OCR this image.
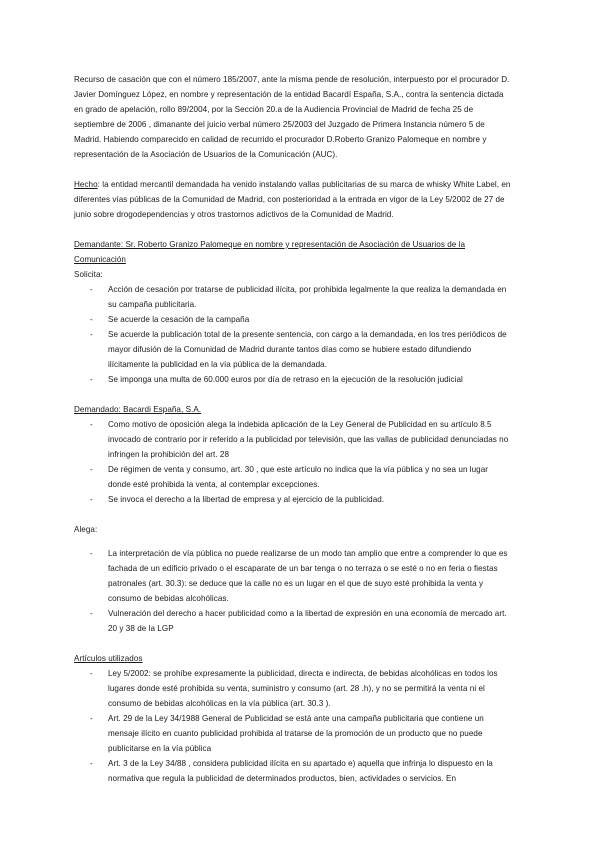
Recurso de casación que con el número 185/2007, ante la misma pende de resolución, interpuesto por el procurador D. Javier Domínguez López, en nombre y representación de la entidad Bacardí España, S.A., contra la sentencia dictada en grado de apelación, rollo 89/2004, por la Sección 20.a de la Audiencia Provincial de Madrid de fecha 25 de septiembre de 2006 , dimanante del juicio verbal número 25/2003 del Juzgado de Primera Instancia número 5 de Madrid. Habiendo comparecido en calidad de recurrido el procurador D.Roberto Granizo Palomeque en nombre y representación de la Asociación de Usuarios de la Comunicación (AUC).

Hecho: la entidad mercantil demandada ha venido instalando vallas publicitarias de su marca de whisky White Label, en diferentes vías públicas de la Comunidad de Madrid, con posterioridad a la entrada en vigor de la Ley 5/2002 de 27 de junio sobre drogodependencias y otros trastornos adictivos de la Comunidad de Madrid.

Demandante: Sr. Roberto Granizo Palomeque en nombre y representación de Asociación de Usuarios de la Comunicación

Solicita:

- Acción de cesación por tratarse de publicidad ilícita, por prohibida legalmente la que realiza la demandada en su campaña publicitaria.
- Se acuerde la cesación de la campaña
- Se acuerde la publicación total de la presente sentencia, con cargo a la demandada, en los tres periódicos de mayor difusión de la Comunidad de Madrid durante tantos días como se hubiere estado difundiendo ilícitamente la publicidad en la vía pública de la demandada.
- Se imponga una multa de 60.000 euros por día de retraso en la ejecución de la resolución judicial

Demandado: Bacardi España, S.A.

- Como motivo de oposición alega la indebida aplicación de la Ley General de Publicidad en su artículo 8.5 invocado de contrario por ir referido a la publicidad por televisión, que las vallas de publicidad denunciadas no infringen la prohibición del art. 28
- De régimen de venta y consumo, art. 30 , que este artículo no indica que la vía pública y no sea un lugar donde esté prohibida la venta, al contemplar excepciones.
- Se invoca el derecho a la libertad de empresa y al ejercicio de la publicidad.

Alega:

- La interpretación de vía pública no puede realizarse de un modo tan amplio que entre a comprender lo que es fachada de un edificio privado o el escaparate de un bar tenga o no terraza o se esté o no en feria o fiestas patronales (art. 30.3): se deduce que la calle no es un lugar en el que de suyo esté prohibida la venta y consumo de bebidas alcohólicas.
- Vulneración del derecho a hacer publicidad como a la libertad de expresión en una economía de mercado art. 20 y 38 de la LGP

Artículos utilizados

- Ley 5/2002: se prohíbe expresamente la publicidad, directa e indirecta, de bebidas alcohólicas en todos los lugares donde esté prohibida su venta, suministro y consumo (art. 28 .h), y no se permitirá la venta ni el consumo de bebidas alcohólicas en la vía pública (art. 30.3 ).
- Art. 29 de la Ley 34/1988 General de Publicidad se está ante una campaña publicitaria que contiene un mensaje ilícito en cuanto publicidad prohibida al tratarse de la promoción de un producto que no puede publicitarse en la vía pública
- Art. 3 de la Ley 34/88 , considera publicidad ilícita en su apartado e) aquella que infrinja lo dispuesto en la normativa que regula la publicidad de determinados productos, bien, actividades o servicios. En
